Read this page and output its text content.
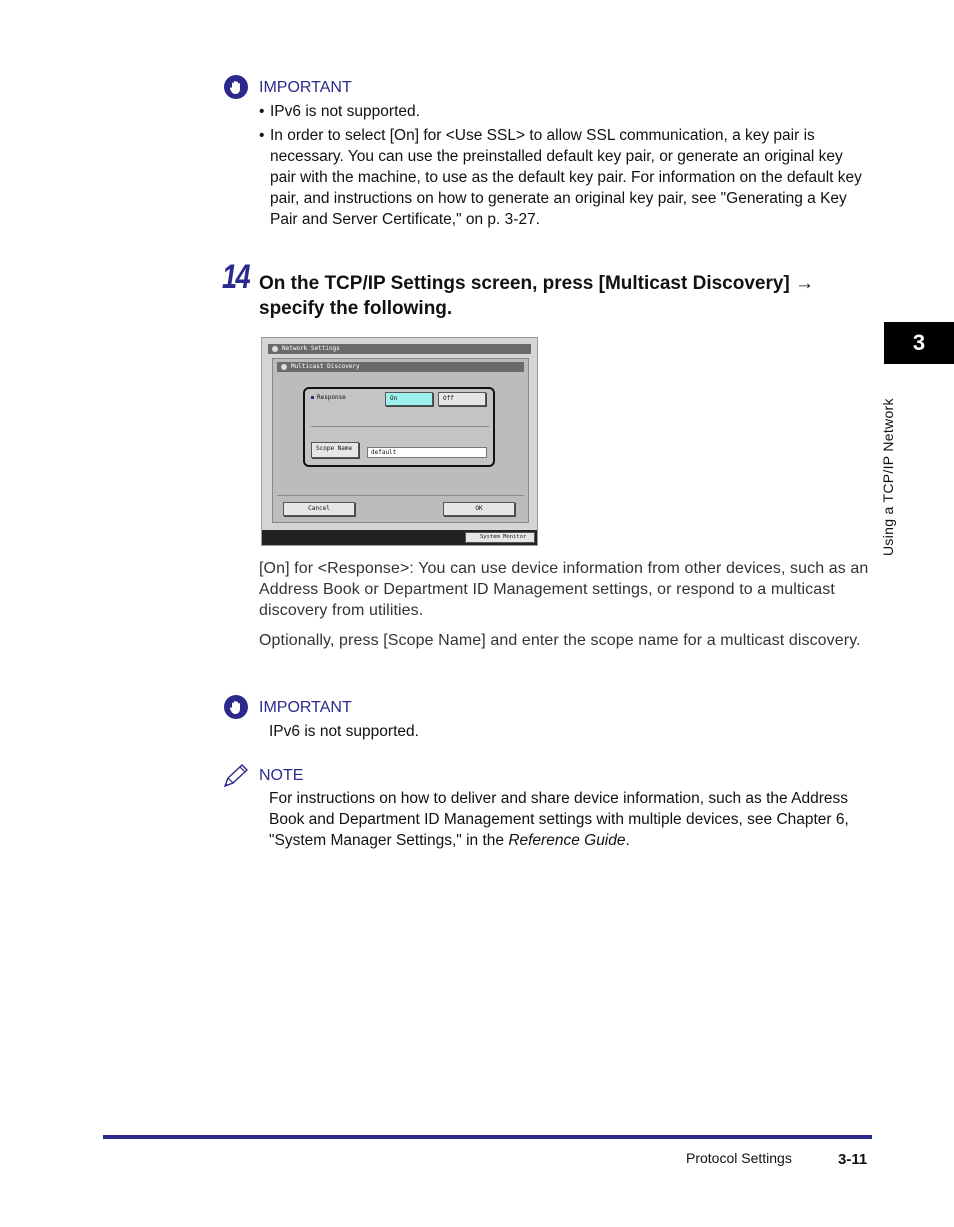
IMPORTANT
• IPv6 is not supported.
• In order to select [On] for <Use SSL> to allow SSL communication, a key pair is necessary. You can use the preinstalled default key pair, or generate an original key pair with the machine, to use as the default key pair. For information on the default key pair, and instructions on how to generate an original key pair, see "Generating a Key Pair and Server Certificate," on p. 3-27.
14 On the TCP/IP Settings screen, press [Multicast Discovery] →
specify the following.
Network Settings
Multicast Discovery
Response	On	Off
Scope Name
default
Cancel	OK
System Monitor

[On] for <Response>: You can use device information from other devices, such as an Address Book or Department ID Management settings, or respond to a multicast discovery from utilities.

Optionally, press [Scope Name] and enter the scope name for a multicast discovery.

IMPORTANT
IPv6 is not supported.
NOTE

For instructions on how to deliver and share device information, such as the Address Book and Department ID Management settings with multiple devices, see Chapter 6, "System Manager Settings," in the Reference Guide.

3
Using a TCP/IP Network
Protocol Settings	3-11
